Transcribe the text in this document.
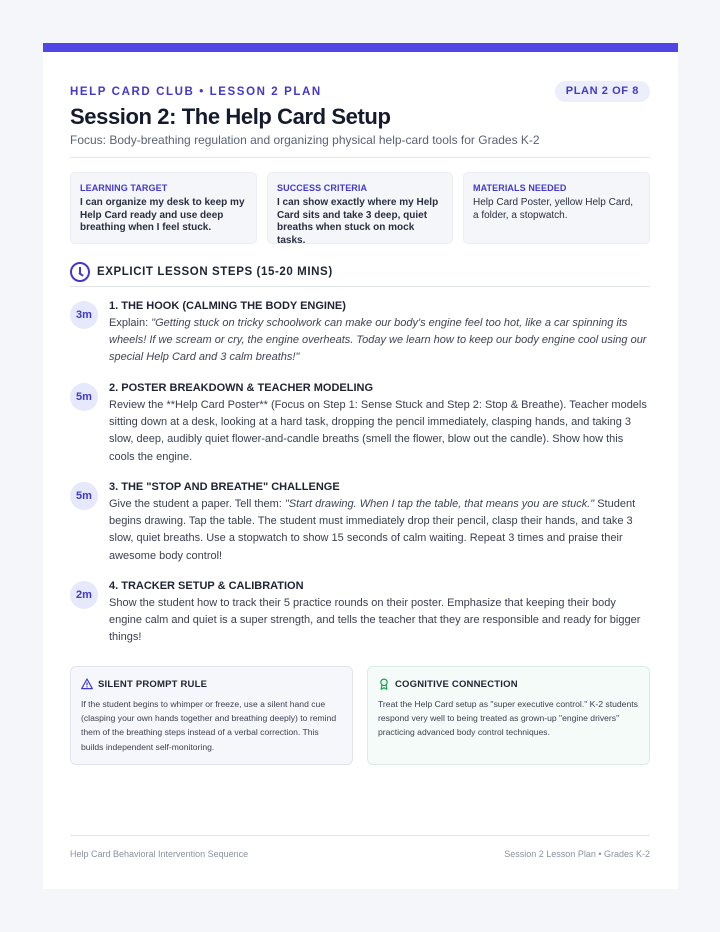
HELP CARD CLUB • LESSON 2 PLAN	PLAN 2 OF 8
Session 2: The Help Card Setup
Focus: Body-breathing regulation and organizing physical help-card tools for Grades K-2
LEARNING TARGET
I can organize my desk to keep my Help Card ready and use deep breathing when I feel stuck.
SUCCESS CRITERIA
I can show exactly where my Help Card sits and take 3 deep, quiet breaths when stuck on mock tasks.
MATERIALS NEEDED
Help Card Poster, yellow Help Card, a folder, a stopwatch.
EXPLICIT LESSON STEPS (15-20 MINS)
3m
1. THE HOOK (CALMING THE BODY ENGINE)
Explain: "Getting stuck on tricky schoolwork can make our body's engine feel too hot, like a car spinning its wheels! If we scream or cry, the engine overheats. Today we learn how to keep our body engine cool using our special Help Card and 3 calm breaths!"
5m
2. POSTER BREAKDOWN & TEACHER MODELING
Review the **Help Card Poster** (Focus on Step 1: Sense Stuck and Step 2: Stop & Breathe). Teacher models sitting down at a desk, looking at a hard task, dropping the pencil immediately, clasping hands, and taking 3 slow, deep, audibly quiet flower-and-candle breaths (smell the flower, blow out the candle). Show how this cools the engine.
5m
3. THE "STOP AND BREATHE" CHALLENGE
Give the student a paper. Tell them: "Start drawing. When I tap the table, that means you are stuck." Student begins drawing. Tap the table. The student must immediately drop their pencil, clasp their hands, and take 3 slow, quiet breaths. Use a stopwatch to show 15 seconds of calm waiting. Repeat 3 times and praise their awesome body control!
2m
4. TRACKER SETUP & CALIBRATION
Show the student how to track their 5 practice rounds on their poster. Emphasize that keeping their body engine calm and quiet is a super strength, and tells the teacher that they are responsible and ready for bigger things!
SILENT PROMPT RULE
If the student begins to whimper or freeze, use a silent hand cue (clasping your own hands together and breathing deeply) to remind them of the breathing steps instead of a verbal correction. This builds independent self-monitoring.
COGNITIVE CONNECTION
Treat the Help Card setup as "super executive control." K-2 students respond very well to being treated as grown-up "engine drivers" practicing advanced body control techniques.
Help Card Behavioral Intervention Sequence	Session 2 Lesson Plan • Grades K-2
